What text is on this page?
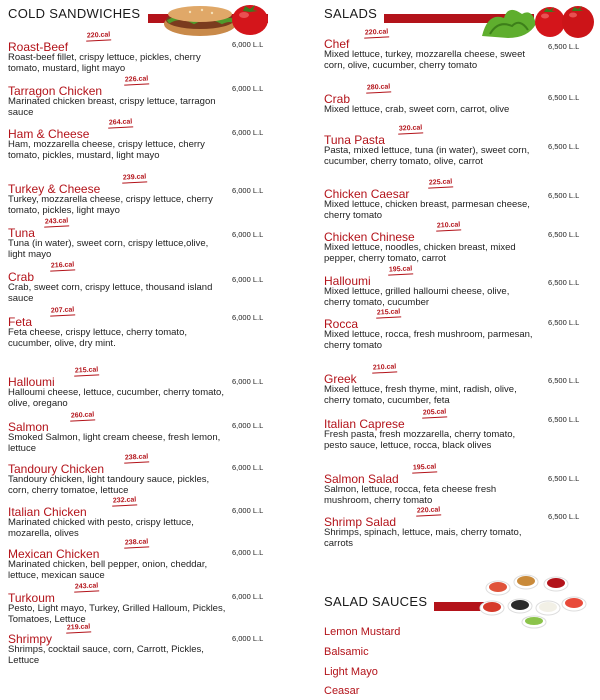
COLD SANDWICHES	SALADS
Roast-Beef
220.cal
Roast-beef fillet, crispy lettuce, pickles, cherry tomato, mustard, light mayo
6,000 L.L
Tarragon Chicken
226.cal
Marinated chicken breast, crispy lettuce, tarragon sauce
6,000 L.L
Ham & Cheese
264.cal
Ham, mozzarella cheese, crispy lettuce, cherry tomato, pickles, mustard, light mayo
6,000 L.L
Turkey & Cheese
239.cal
Turkey, mozzarella cheese, crispy lettuce, cherry tomato, pickles, light mayo
6,000 L.L
Tuna
243.cal
Tuna (in water), sweet corn, crispy lettuce,olive, light mayo
6,000 L.L
Crab
216.cal
Crab, sweet corn, crispy lettuce, thousand island sauce
6,000 L.L
Feta
207.cal
Feta cheese, crispy lettuce, cherry tomato, cucumber, olive, dry mint.
6,000 L.L
Halloumi
215.cal
Halloumi cheese, lettuce, cucumber, cherry tomato, olive, oregano
6,000 L.L
Salmon
260.cal
Smoked Salmon, light cream cheese, fresh lemon, lettuce
6,000 L.L
Tandoury Chicken
238.cal
Tandoury chicken, light tandoury sauce, pickles, corn, cherry tomatoe, lettuce
6,000 L.L
Italian Chicken
232.cal
Marinated chicked with pesto, crispy lettuce, mozarella, olives
6,000 L.L
Mexican Chicken
238.cal
Marinated chicken, bell pepper, onion, cheddar, lettuce, mexican sauce
6,000 L.L
Turkoum
243.cal
Pesto, Light mayo, Turkey, Grilled Halloum, Pickles, Tomatoes, Lettuce
6,000 L.L
Shrimpy
219.cal
Shrimps, cocktail sauce, corn, Carrott, Pickles, Lettuce
6,000 L.L
Chef
220.cal
Mixed lettuce, turkey, mozzarella cheese, sweet corn, olive, cucumber, cherry tomato
6,500 L.L
Crab
280.cal
Mixed lettuce, crab, sweet corn, carrot, olive
6,500 L.L
Tuna Pasta
320.cal
Pasta, mixed lettuce, tuna (in water), sweet corn, cucumber, cherry tomato, olive, carrot
6,500 L.L
Chicken Caesar
225.cal
Mixed lettuce, chicken breast, parmesan cheese, cherry tomato
6,500 L.L
Chicken Chinese
210.cal
Mixed lettuce, noodles, chicken breast, mixed pepper, cherry tomato, carrot
6,500 L.L
Halloumi
195.cal
Mixed lettuce, grilled halloumi cheese, olive, cherry tomato, cucumber
6,500 L.L
Rocca
215.cal
Mixed lettuce, rocca, fresh mushroom, parmesan, cherry tomato
6,500 L.L
Greek
210.cal
Mixed lettuce, fresh thyme, mint, radish, olive, cherry tomato, cucumber, feta
6,500 L.L
Italian Caprese
205.cal
Fresh pasta, fresh mozzarella, cherry tomato, pesto sauce, lettuce, rocca, black olives
6,500 L.L
Salmon Salad
195.cal
Salmon, lettuce, rocca, feta cheese fresh mushroom, cherry tomato
6,500 L.L
Shrimp Salad
220.cal
Shrimps, spinach, lettuce, mais, cherry tomato, carrots
6,500 L.L
SALAD SAUCES
Lemon Mustard
Balsamic
Light Mayo
Ceasar
